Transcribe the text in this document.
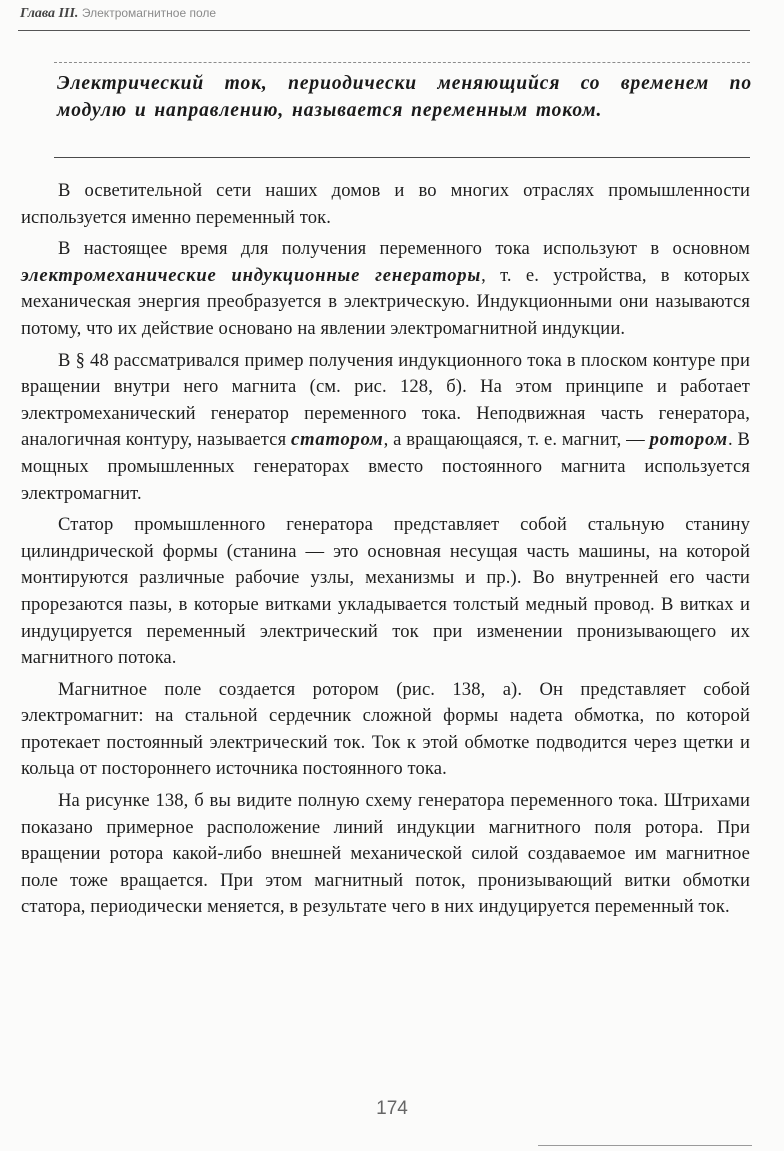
Глава III. Электромагнитное поле

Электрический ток, периодически меняющийся со временем по модулю и направлению, называется переменным током.

В осветительной сети наших домов и во многих отраслях промышленности используется именно переменный ток.

В настоящее время для получения переменного тока используют в основном электромеханические индукционные генераторы, т. е. устройства, в которых механическая энергия преобразуется в электрическую. Индукционными они называются потому, что их действие основано на явлении электромагнитной индукции.

В § 48 рассматривался пример получения индукционного тока в плоском контуре при вращении внутри него магнита (см. рис. 128, б). На этом принципе и работает электромеханический генератор переменного тока. Неподвижная часть генератора, аналогичная контуру, называется статором, а вращающаяся, т. е. магнит, — ротором. В мощных промышленных генераторах вместо постоянного магнита используется электромагнит.

Статор промышленного генератора представляет собой стальную станину цилиндрической формы (станина — это основная несущая часть машины, на которой монтируются различные рабочие узлы, механизмы и пр.). Во внутренней его части прорезаются пазы, в которые витками укладывается толстый медный провод. В витках и индуцируется переменный электрический ток при изменении пронизывающего их магнитного потока.

Магнитное поле создается ротором (рис. 138, а). Он представляет собой электромагнит: на стальной сердечник сложной формы надета обмотка, по которой протекает постоянный электрический ток. Ток к этой обмотке подводится через щетки и кольца от постороннего источника постоянного тока.

На рисунке 138, б вы видите полную схему генератора переменного тока. Штрихами показано примерное расположение линий индукции магнитного поля ротора. При вращении ротора какой-либо внешней механической силой создаваемое им магнитное поле тоже вращается. При этом магнитный поток, пронизывающий витки обмотки статора, периодически меняется, в результате чего в них индуцируется переменный ток.

174
